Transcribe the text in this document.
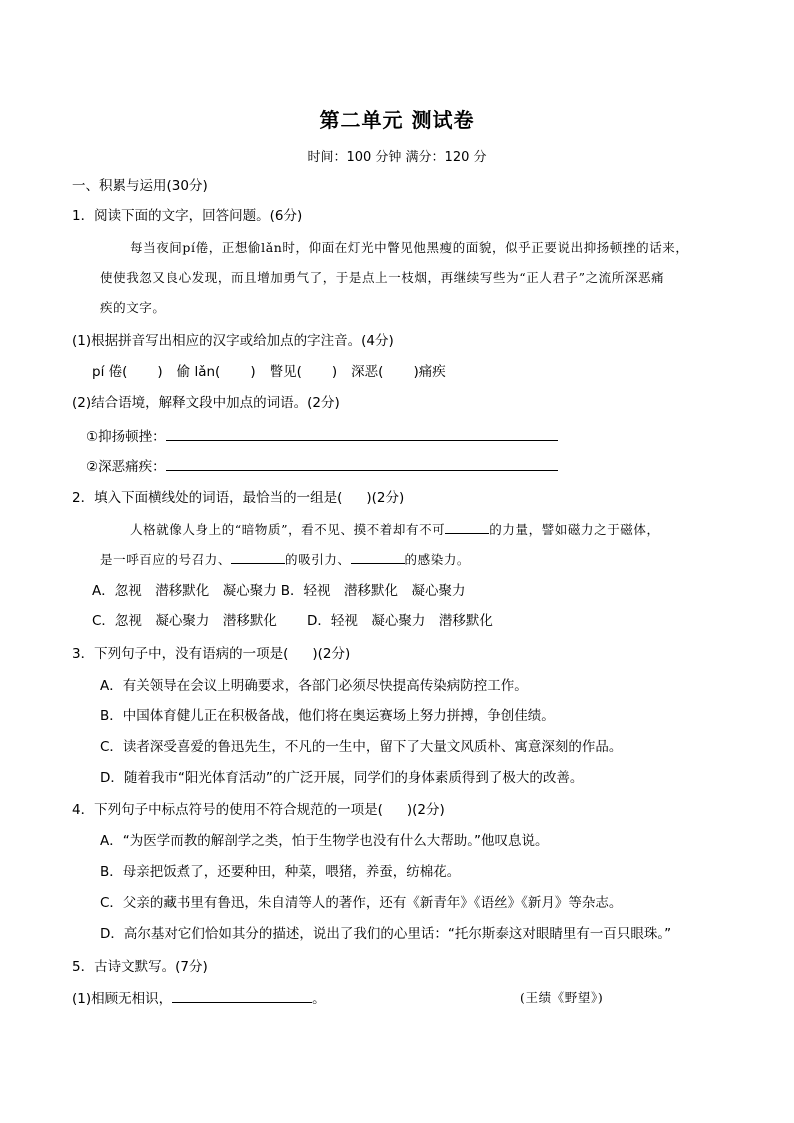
第二单元 测试卷
时间：100 分钟 满分：120 分
一、积累与运用(30分)
1．阅读下面的文字，回答问题。(6分)
每当夜间pí倦，正想偷lǎn时，仰面在灯光中瞥见他黑瘦的面貌，似乎正要说出抑扬顿挫的话来，
使使我忽又良心发现，而且增加勇气了，于是点上一枝烟，再继续写些为“正人君子”之流所深恶痛
疾的文字。
(1)根据拼音写出相应的汉字或给加点的字注音。(4分)
pí 倦( ) 偷 lǎn( ) 瞥见( ) 深恶( )痛疾
(2)结合语境，解释文段中加点的词语。(2分)
①抑扬顿挫：
②深恶痛疾：
2．填入下面横线处的词语，最恰当的一组是( )(2分)
人格就像人身上的“暗物质”，看不见、摸不着却有不可	的力量，譬如磁力之于磁体，
是一呼百应的号召力、	的吸引力、	的感染力。
A．忽视　潜移默化　凝心聚力 B．轻视　潜移默化　凝心聚力
C．忽视　凝心聚力　潜移默化 D．轻视　凝心聚力　潜移默化
3．下列句子中，没有语病的一项是( )(2分)
A．有关领导在会议上明确要求，各部门必须尽快提高传染病防控工作。
B．中国体育健儿正在积极备战，他们将在奥运赛场上努力拼搏，争创佳绩。
C．读者深受喜爱的鲁迅先生，不凡的一生中，留下了大量文风质朴、寓意深刻的作品。
D．随着我市“阳光体育活动”的广泛开展，同学们的身体素质得到了极大的改善。
4．下列句子中标点符号的使用不符合规范的一项是( )(2分)
A．“为医学而教的解剖学之类，怕于生物学也没有什么大帮助。”他叹息说。
B．母亲把饭煮了，还要种田，种菜，喂猪，养蚕，纺棉花。
C．父亲的藏书里有鲁迅，朱自清等人的著作，还有《新青年》《语丝》《新月》等杂志。
D．高尔基对它们恰如其分的描述，说出了我们的心里话：“托尔斯泰这对眼睛里有一百只眼珠。”
5．古诗文默写。(7分)
(1)相顾无相识，	。	(王绩《野望》)
